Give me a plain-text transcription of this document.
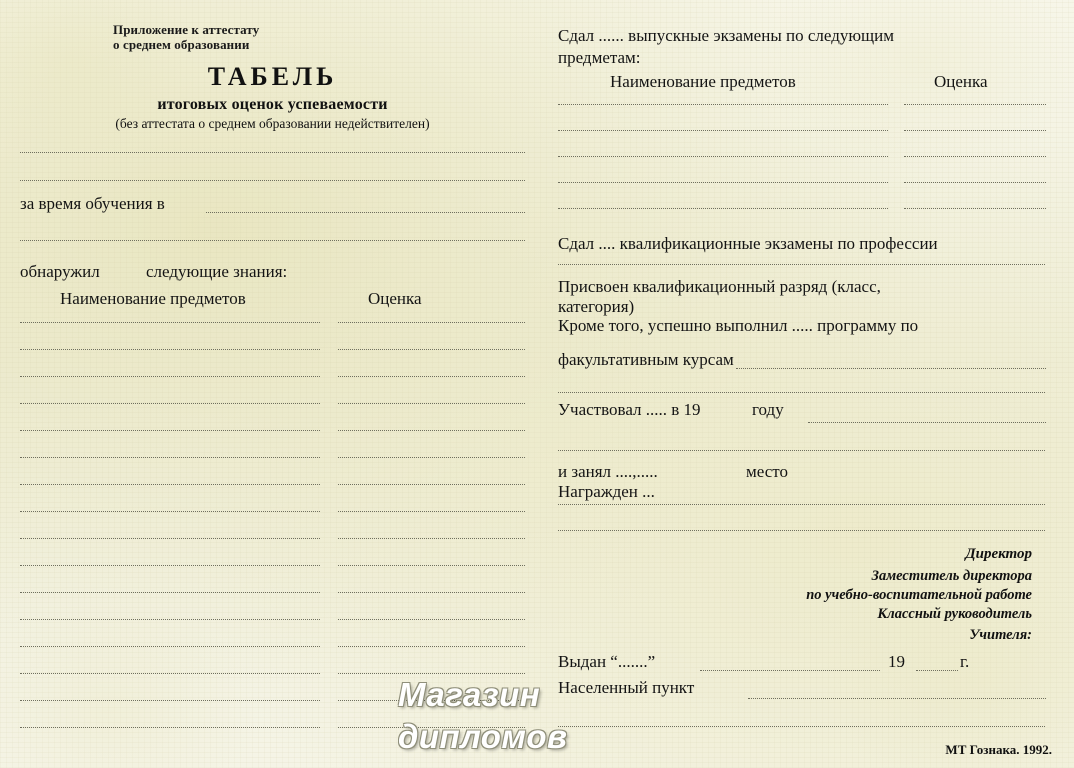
Приложение к аттестату
о среднем образовании
ТАБЕЛЬ
итоговых оценок успеваемости
(без аттестата о среднем образовании недействителен)
за время обучения в
обнаружил	следующие знания:
Наименование предметов	Оценка
Сдал ...... выпускные экзамены по следующим
предметам:
Наименование предметов	Оценка
Сдал .... квалификационные экзамены по профессии
Присвоен квалификационный разряд (класс,
категория)
Кроме того, успешно выполнил ..... программу по
факультативным курсам
Участвовал ..... в 19	году
и занял ....,.....	место
Награжден ...
Директор
Заместитель директора
по учебно-воспитательной работе
Классный руководитель
Учителя:
Выдан “.......”	19	г.
Населенный пункт
Магазин
дипломов	МТ Гознака. 1992.
